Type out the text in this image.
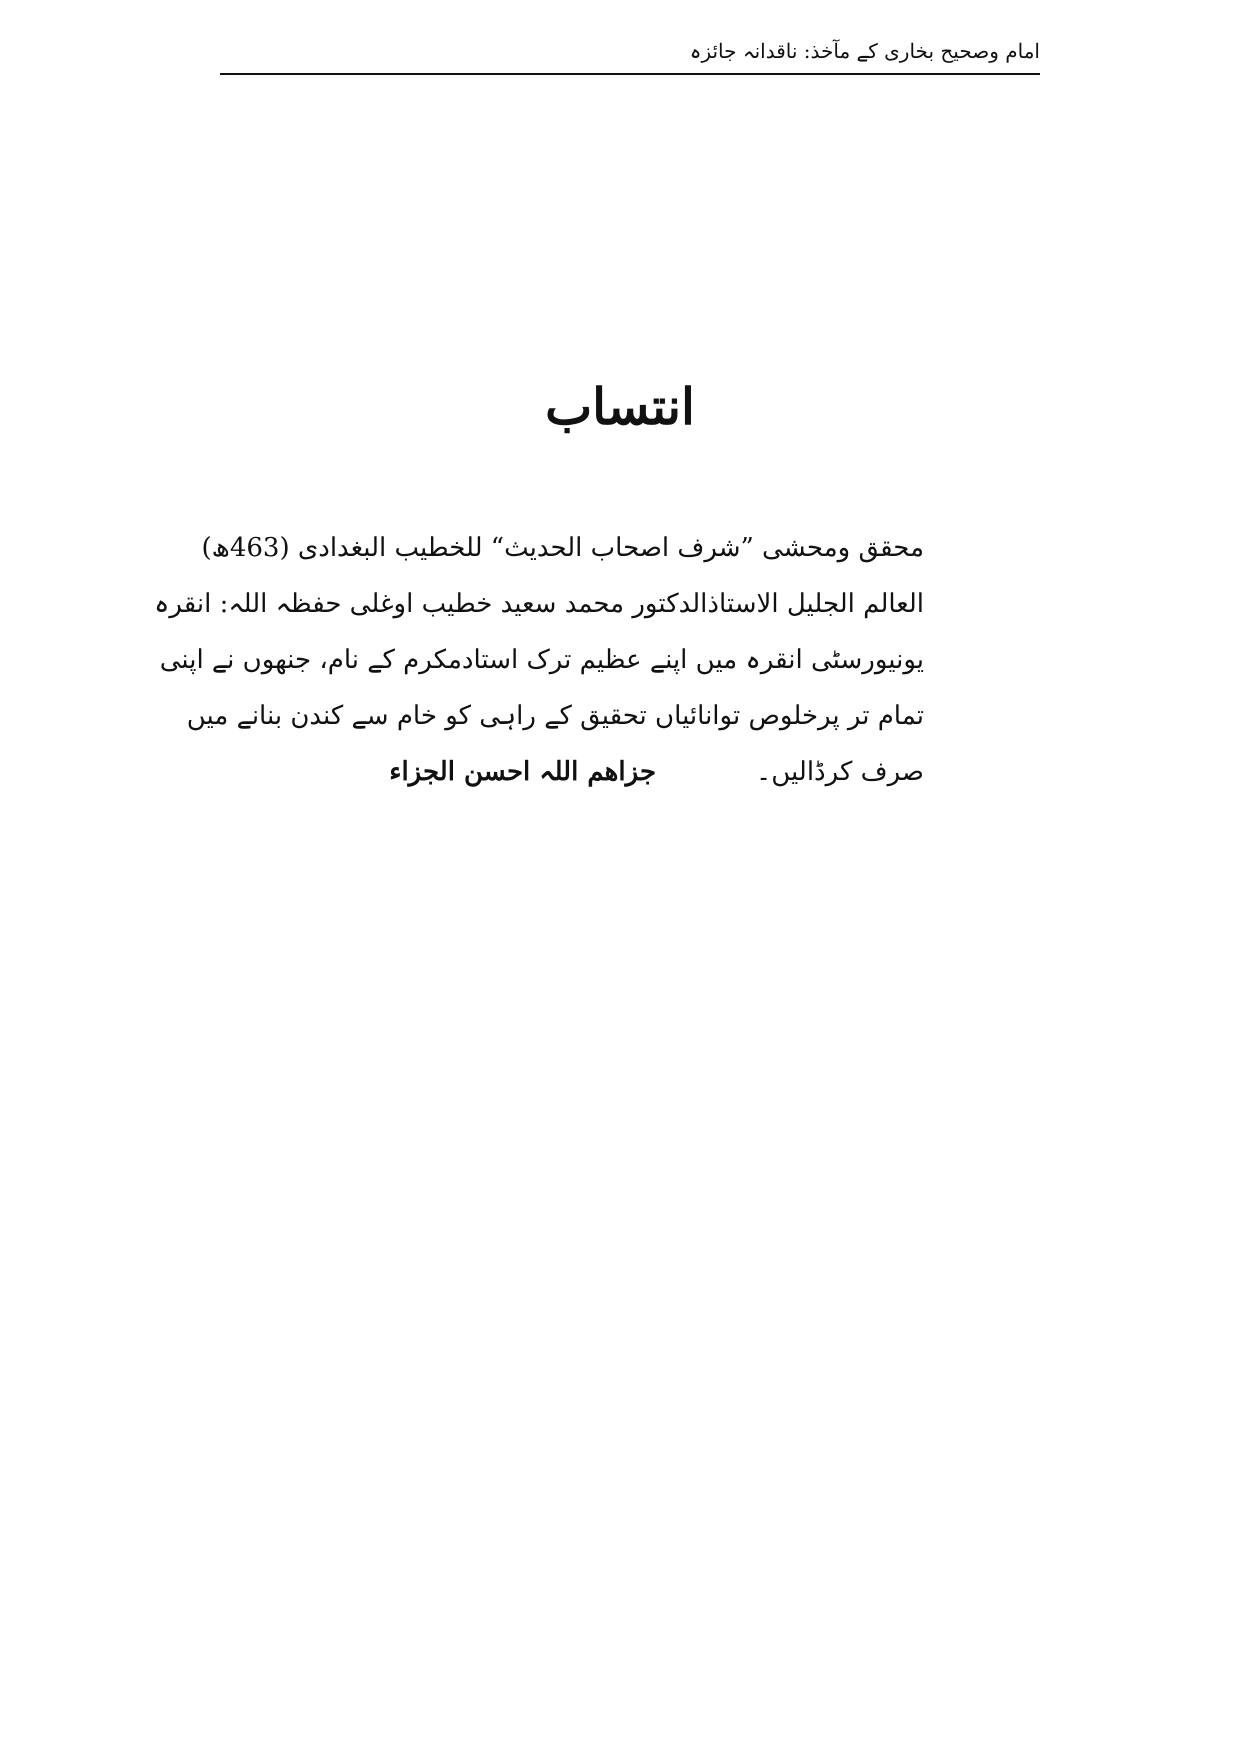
امام وصحیح بخاری کے مآخذ: ناقدانہ جائزہ
انتساب
محقق ومحشی ”شرف اصحاب الحدیث“ للخطیب البغدادی (463ھ)
العالم الجلیل الاستاذالدکتور محمد سعید خطیب اوغلی حفظہ اللہ: انقرہ
یونیورسٹی انقرہ میں اپنے عظیم ترک استادمکرم کے نام، جنھوں نے اپنی
تمام تر پرخلوص توانائیاں تحقیق کے راہی کو خام سے کندن بنانے میں
صرف کرڈالیں۔
جزاھم اللہ احسن الجزاء
